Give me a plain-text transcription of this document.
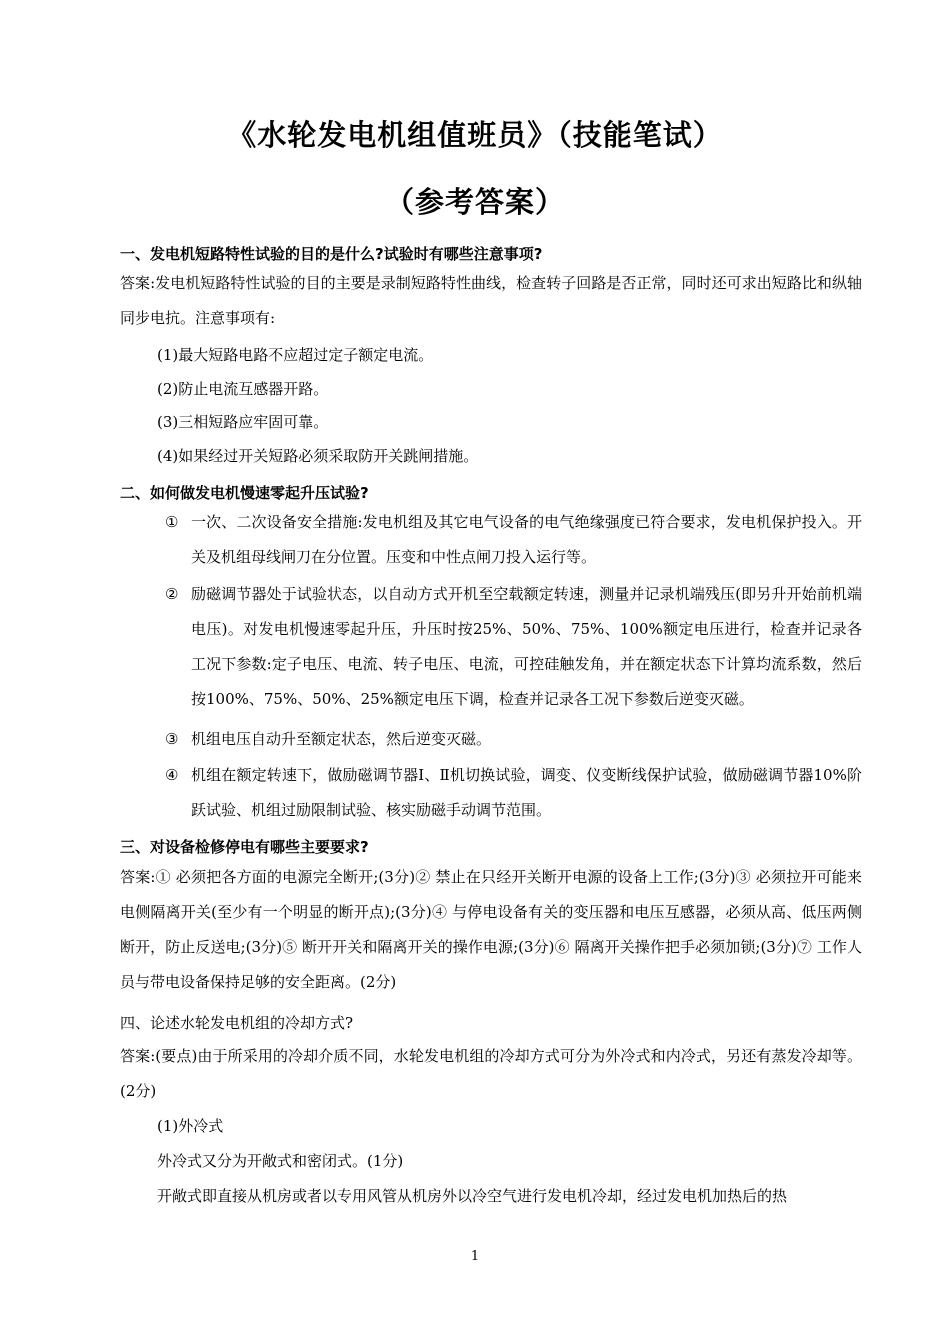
《水轮发电机组值班员》（技能笔试）
（参考答案）
一、发电机短路特性试验的目的是什么?试验时有哪些注意事项?
答案:发电机短路特性试验的目的主要是录制短路特性曲线，检查转子回路是否正常，同时还可求出短路比和纵轴同步电抗。注意事项有:
(1)最大短路电路不应超过定子额定电流。
(2)防止电流互感器开路。
(3)三相短路应牢固可靠。
(4)如果经过开关短路必须采取防开关跳闸措施。
二、如何做发电机慢速零起升压试验?
① 一次、二次设备安全措施:发电机组及其它电气设备的电气绝缘强度已符合要求，发电机保护投入。开关及机组母线闸刀在分位置。压变和中性点闸刀投入运行等。
② 励磁调节器处于试验状态，以自动方式开机至空载额定转速，测量并记录机端残压(即另升开始前机端电压)。对发电机慢速零起升压，升压时按25%、50%、75%、100%额定电压进行，检查并记录各工况下参数:定子电压、电流、转子电压、电流，可控硅触发角，并在额定状态下计算均流系数，然后按100%、75%、50%、25%额定电压下调，检查并记录各工况下参数后逆变灭磁。
③ 机组电压自动升至额定状态，然后逆变灭磁。
④ 机组在额定转速下，做励磁调节器Ⅰ、Ⅱ机切换试验，调变、仪变断线保护试验，做励磁调节器10%阶跃试验、机组过励限制试验、核实励磁手动调节范围。
三、对设备检修停电有哪些主要要求?
答案:① 必须把各方面的电源完全断开;(3分)② 禁止在只经开关断开电源的设备上工作;(3分)③ 必须拉开可能来电侧隔离开关(至少有一个明显的断开点);(3分)④ 与停电设备有关的变压器和电压互感器，必须从高、低压两侧断开，防止反送电;(3分)⑤ 断开开关和隔离开关的操作电源;(3分)⑥ 隔离开关操作把手必须加锁;(3分)⑦ 工作人员与带电设备保持足够的安全距离。(2分)
四、论述水轮发电机组的冷却方式?
答案:(要点)由于所采用的冷却介质不同，水轮发电机组的冷却方式可分为外冷式和内冷式，另还有蒸发冷却等。(2分)
(1)外冷式
外冷式又分为开敞式和密闭式。(1分)
开敞式即直接从机房或者以专用风管从机房外以冷空气进行发电机冷却，经过发电机加热后的热
1
